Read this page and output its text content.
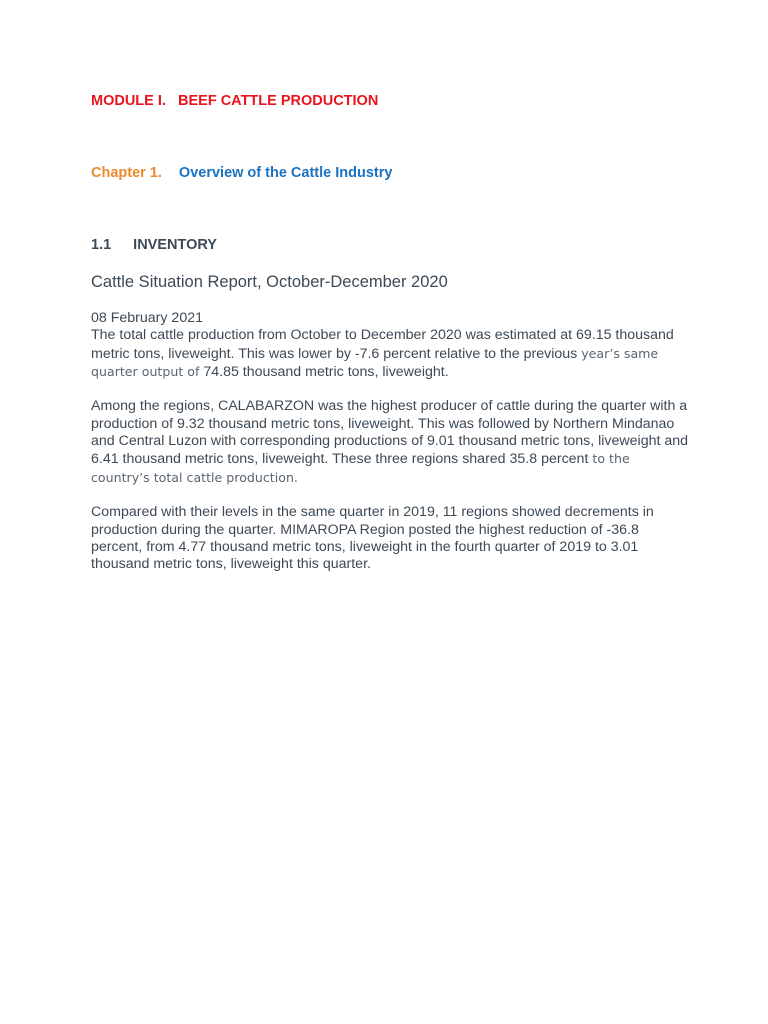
MODULE I.   BEEF CATTLE PRODUCTION
Chapter 1. Overview of the Cattle Industry
1.1 INVENTORY
Cattle Situation Report, October-December 2020

08 February 2021

The total cattle production from October to December 2020 was estimated at 69.15 thousand metric tons, liveweight. This was lower by -7.6 percent relative to the previous year’s same quarter output of 74.85 thousand metric tons, liveweight.

Among the regions, CALABARZON was the highest producer of cattle during the quarter with a production of 9.32 thousand metric tons, liveweight. This was followed by Northern Mindanao and Central Luzon with corresponding productions of 9.01 thousand metric tons, liveweight and 6.41 thousand metric tons, liveweight. These three regions shared 35.8 percent to the country’s total cattle production.

Compared with their levels in the same quarter in 2019, 11 regions showed decrements in production during the quarter. MIMAROPA Region posted the highest reduction of -36.8 percent, from 4.77 thousand metric tons, liveweight in the fourth quarter of 2019 to 3.01 thousand metric tons, liveweight this quarter.
